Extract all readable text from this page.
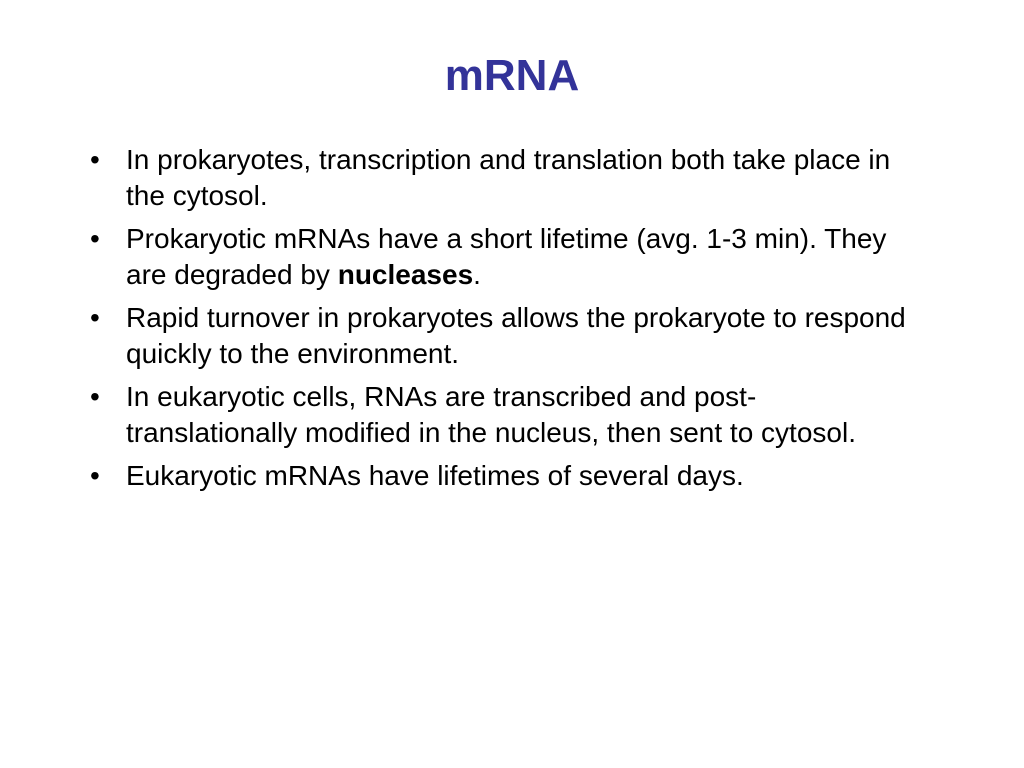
mRNA
• In prokaryotes, transcription and translation both take place in the cytosol.
• Prokaryotic mRNAs have a short lifetime (avg. 1-3 min). They are degraded by nucleases.
• Rapid turnover in prokaryotes allows the prokaryote to respond quickly to the environment.
• In eukaryotic cells, RNAs are transcribed and post-translationally modified in the nucleus, then sent to cytosol.
• Eukaryotic mRNAs have lifetimes of several days.
